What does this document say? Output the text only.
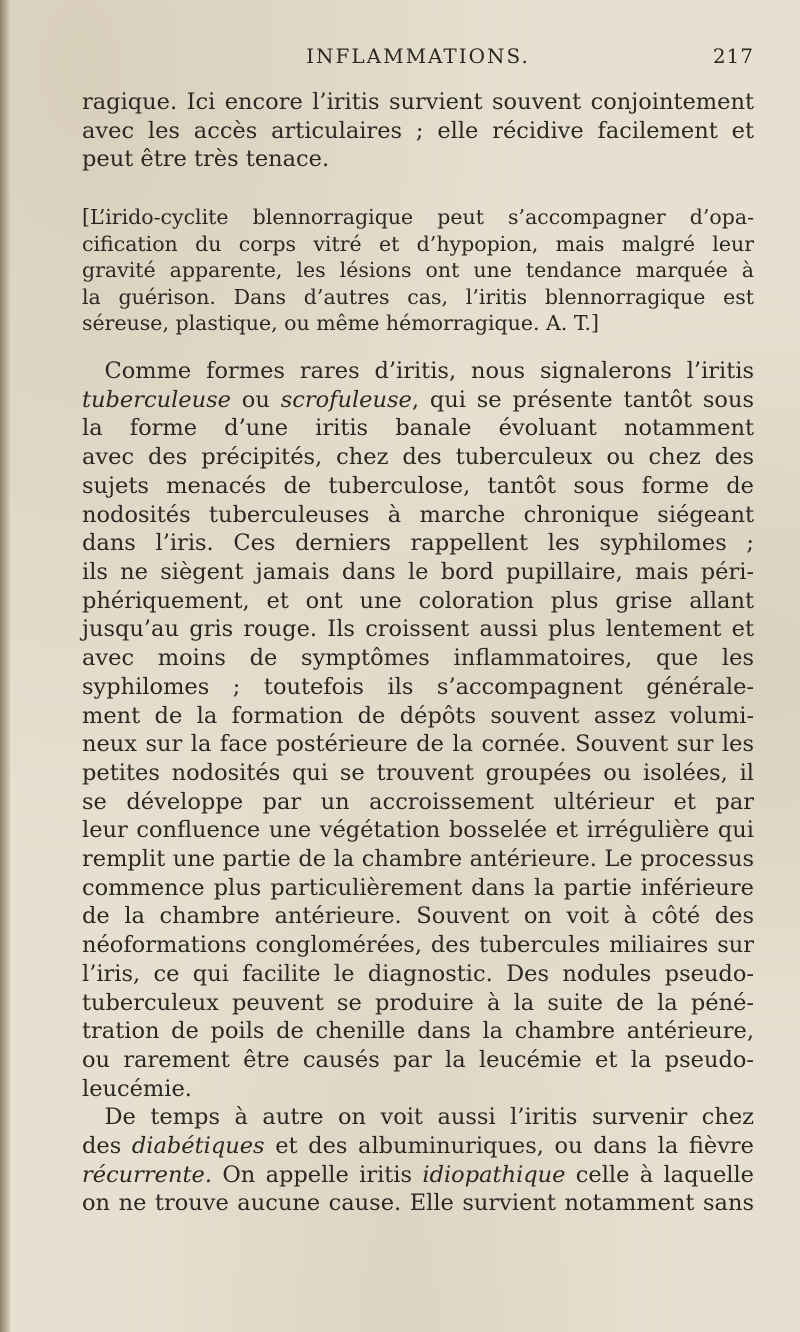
INFLAMMATIONS.	217
ragique. Ici encore l’iritis survient souvent conjointement
avec les accès articulaires ; elle récidive facilement et
peut être très tenace.
[L’irido-cyclite blennorragique peut s’accompagner d’opa-
cification du corps vitré et d’hypopion, mais malgré leur
gravité apparente, les lésions ont une tendance marquée à
la guérison. Dans d’autres cas, l’iritis blennorragique est
séreuse, plastique, ou même hémorragique. A. T.]
 Comme formes rares d’iritis, nous signalerons l’iritis
tuberculeuse ou scrofuleuse, qui se présente tantôt sous
la forme d’une iritis banale évoluant notamment
avec des précipités, chez des tuberculeux ou chez des
sujets menacés de tuberculose, tantôt sous forme de
nodosités tuberculeuses à marche chronique siégeant
dans l’iris. Ces derniers rappellent les syphilomes ;
ils ne siègent jamais dans le bord pupillaire, mais péri-
phériquement, et ont une coloration plus grise allant
jusqu’au gris rouge. Ils croissent aussi plus lentement et
avec moins de symptômes inflammatoires, que les
syphilomes ; toutefois ils s’accompagnent générale-
ment de la formation de dépôts souvent assez volumi-
neux sur la face postérieure de la cornée. Souvent sur les
petites nodosités qui se trouvent groupées ou isolées, il
se développe par un accroissement ultérieur et par
leur confluence une végétation bosselée et irrégulière qui
remplit une partie de la chambre antérieure. Le processus
commence plus particulièrement dans la partie inférieure
de la chambre antérieure. Souvent on voit à côté des
néoformations conglomérées, des tubercules miliaires sur
l’iris, ce qui facilite le diagnostic. Des nodules pseudo-
tuberculeux peuvent se produire à la suite de la péné-
tration de poils de chenille dans la chambre antérieure,
ou rarement être causés par la leucémie et la pseudo-
leucémie.
 De temps à autre on voit aussi l’iritis survenir chez
des diabétiques et des albuminuriques, ou dans la fièvre
récurrente. On appelle iritis idiopathique celle à laquelle
on ne trouve aucune cause. Elle survient notamment sans
